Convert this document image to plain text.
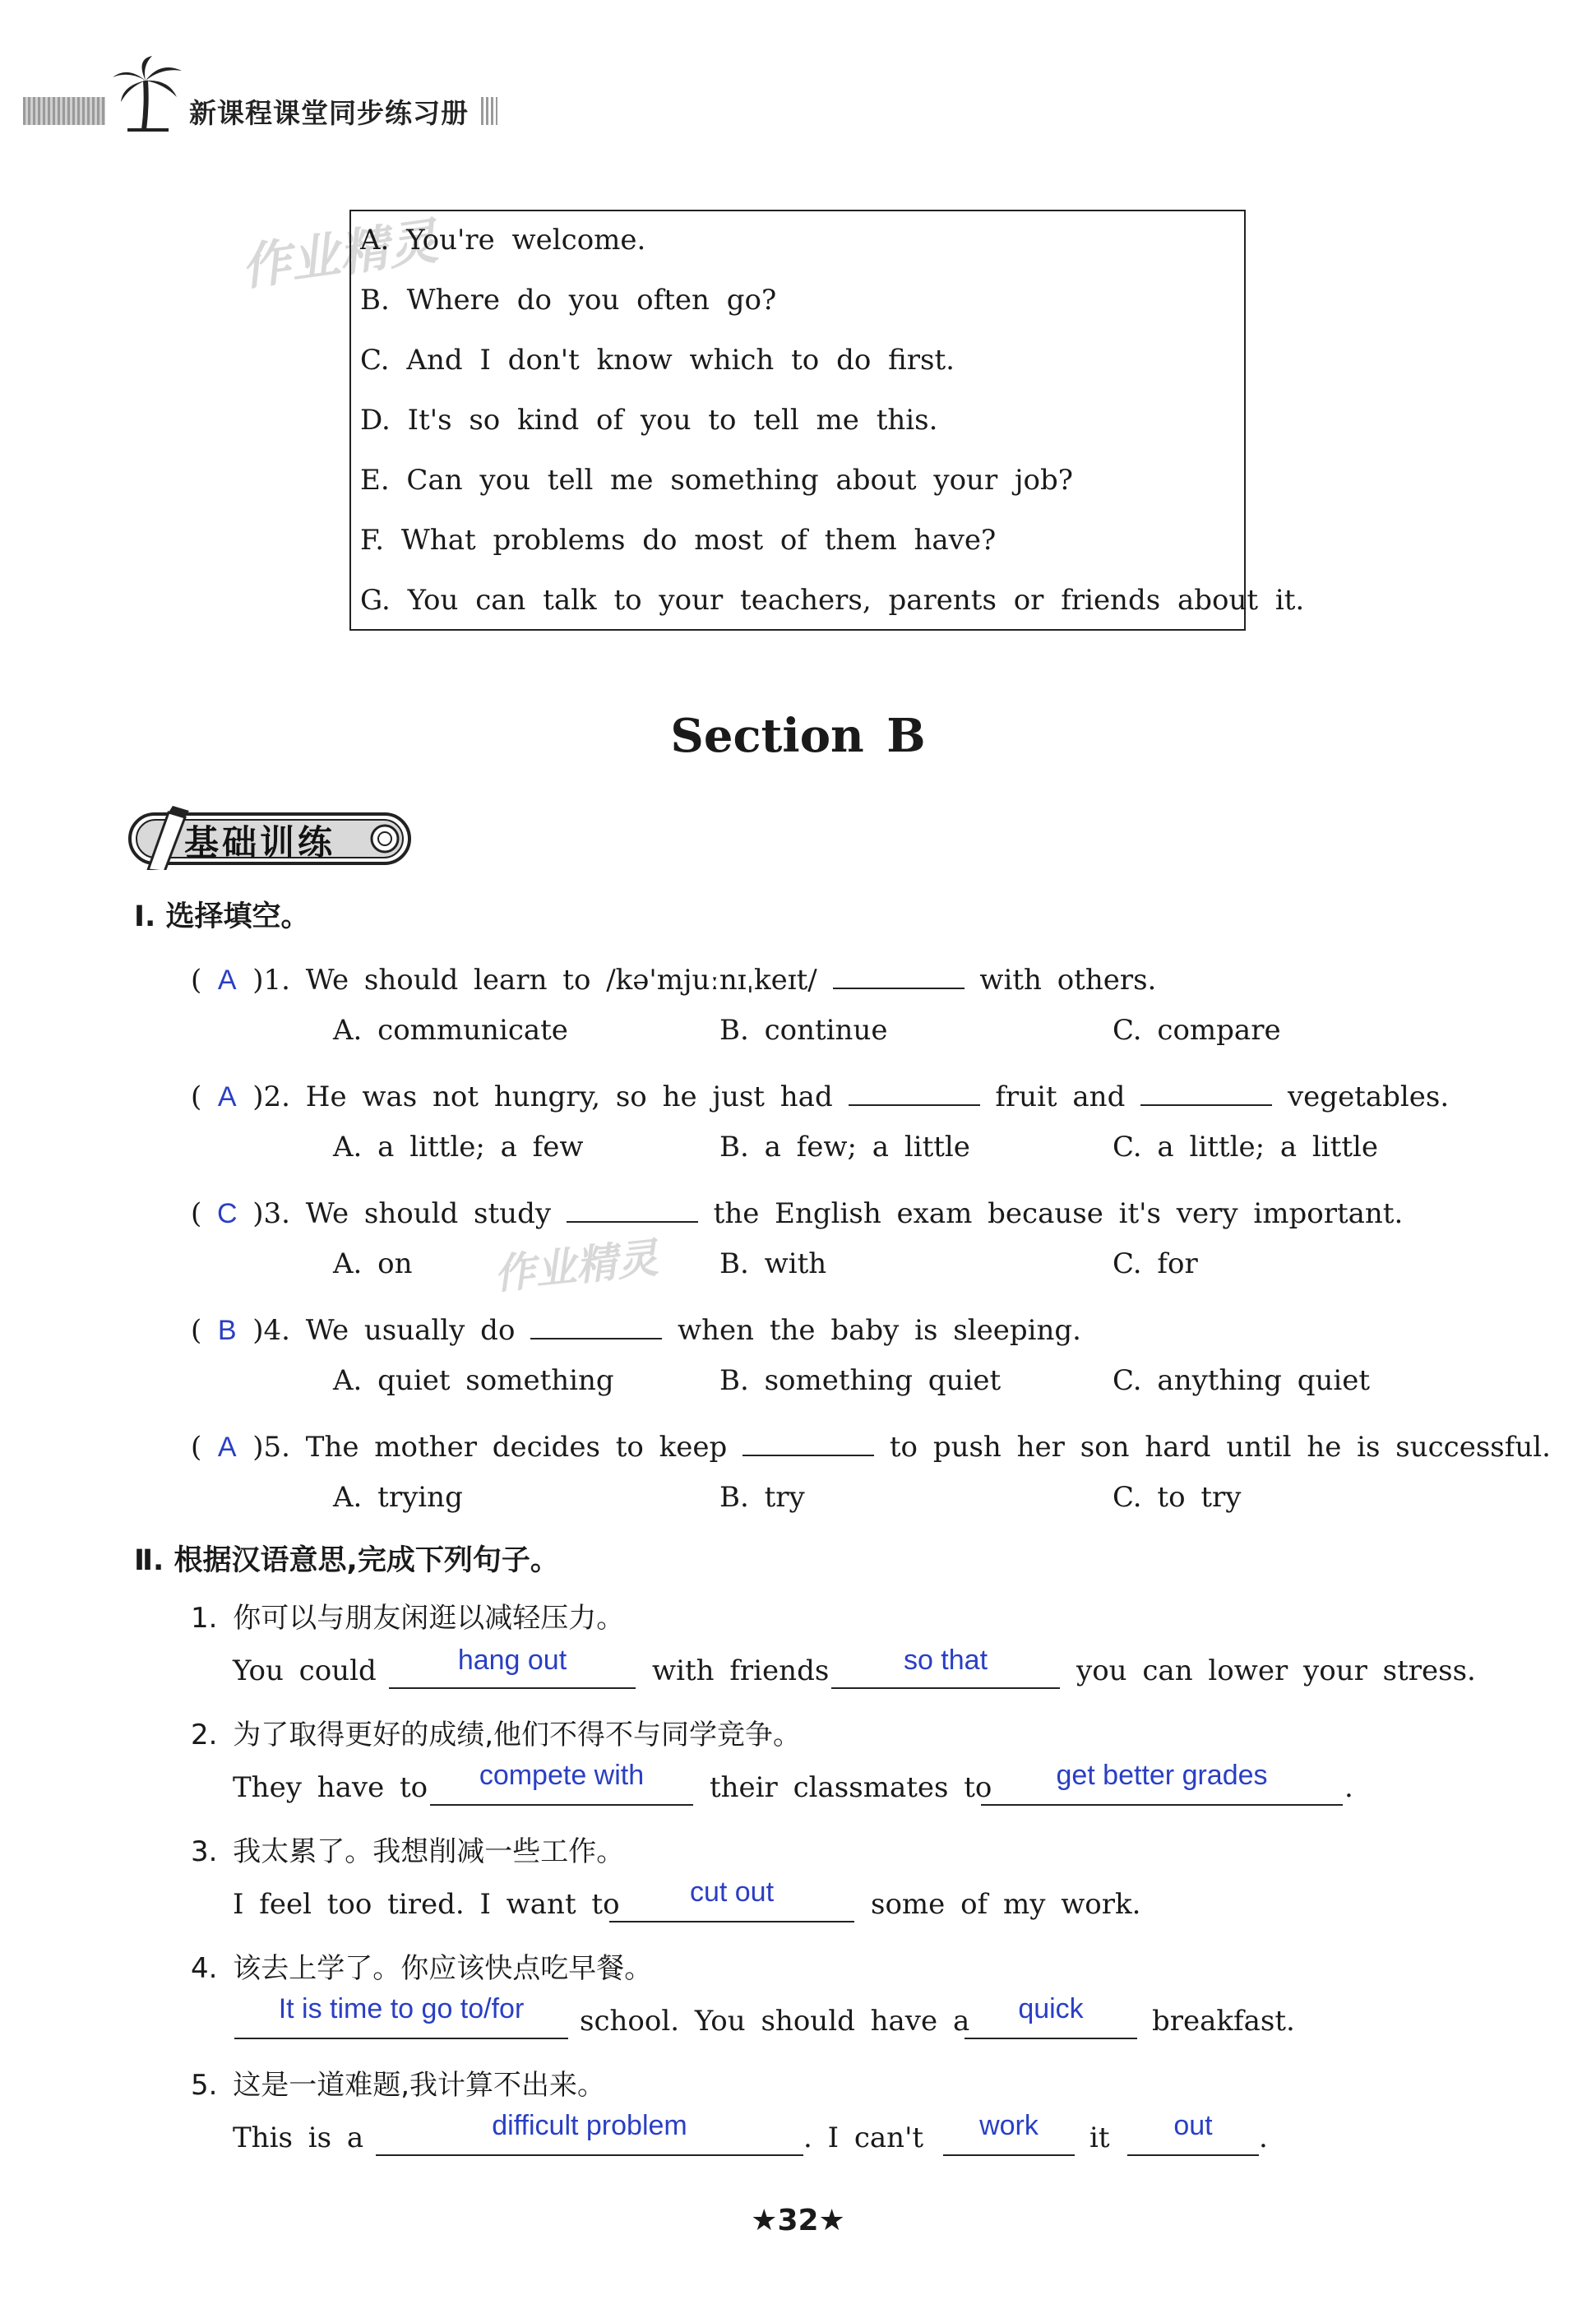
新课程课堂同步练习册
作业精灵
作业精灵
A. You're welcome.
B. Where do you often go?
C. And I don't know which to do first.
D. It's so kind of you to tell me this.
E. Can you tell me something about your job?
F. What problems do most of them have?
G. You can talk to your teachers, parents or friends about it.
Section B
基础训练
Ⅰ. 选择填空。
( A )1. We should learn to /kə'mjuːnɪˌkeɪt/	with others.
A. communicate	B. continue	C. compare
( A )2. He was not hungry, so he just had	fruit and	vegetables.
A. a little; a few	B. a few; a little	C. a little; a little
( C )3. We should study	the English exam because it's very important.
A. on	B. with	C. for
( B )4. We usually do	when the baby is sleeping.
A. quiet something	B. something quiet	C. anything quiet
( A )5. The mother decides to keep	to push her son hard until he is successful.
A. trying	B. try	C. to try
Ⅱ. 根据汉语意思,完成下列句子。
1. 你可以与朋友闲逛以减轻压力。
You could	hang out	with friends	so that	you can lower your stress.
2. 为了取得更好的成绩,他们不得不与同学竞争。
They have to	compete with	their classmates to	get better grades	.
3. 我太累了。我想削减一些工作。
I feel too tired. I want to	cut out	some of my work.
4. 该去上学了。你应该快点吃早餐。
It is time to go to/for	school. You should have a	quick	breakfast.
5. 这是一道难题,我计算不出来。
This is a	difficult problem	. I can't	work	it	out	.
★32★
